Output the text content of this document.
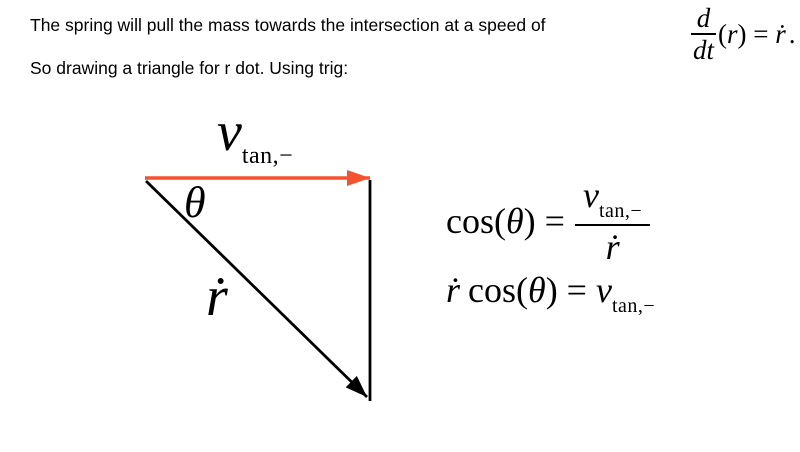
The spring will pull the mass towards the intersection at a speed of	$\frac{d}{dt} (r)$ = ṙ .
So drawing a triangle for r dot. Using trig:
$v_{tan,-}$
θ
ṙ
$\cos(\theta) = \frac{v_{tan,-}}{\text{ṙ}}$
ṙ $\cos(\theta) = v_{tan,-}$
